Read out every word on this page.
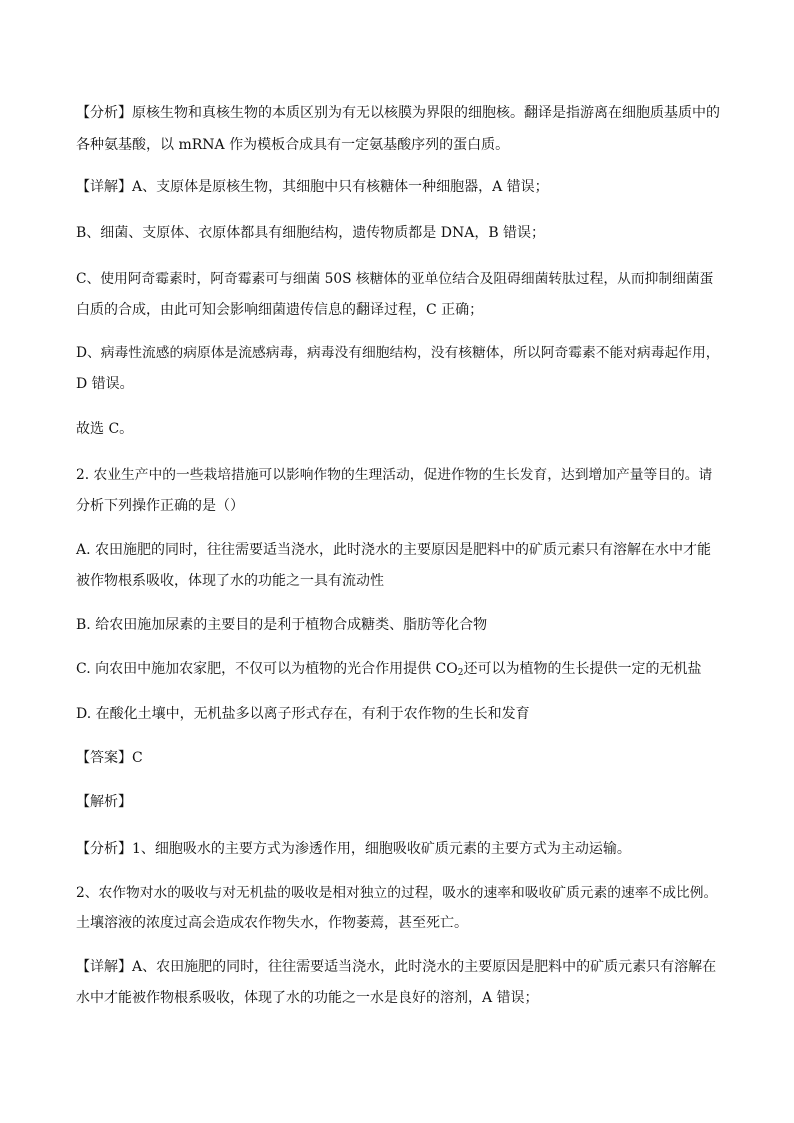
【分析】原核生物和真核生物的本质区别为有无以核膜为界限的细胞核。翻译是指游离在细胞质基质中的
各种氨基酸，以 mRNA 作为模板合成具有一定氨基酸序列的蛋白质。
【详解】A、支原体是原核生物，其细胞中只有核糖体一种细胞器，A 错误；
B、细菌、支原体、衣原体都具有细胞结构，遗传物质都是 DNA，B 错误；
C、使用阿奇霉素时，阿奇霉素可与细菌 50S 核糖体的亚单位结合及阻碍细菌转肽过程，从而抑制细菌蛋
白质的合成，由此可知会影响细菌遗传信息的翻译过程，C 正确；
D、病毒性流感的病原体是流感病毒，病毒没有细胞结构，没有核糖体，所以阿奇霉素不能对病毒起作用，
D 错误。
故选 C。
2. 农业生产中的一些栽培措施可以影响作物的生理活动，促进作物的生长发育，达到增加产量等目的。请
分析下列操作正确的是（）
A. 农田施肥的同时，往往需要适当浇水，此时浇水的主要原因是肥料中的矿质元素只有溶解在水中才能
被作物根系吸收，体现了水的功能之一具有流动性
B. 给农田施加尿素的主要目的是利于植物合成糖类、脂肪等化合物
C. 向农田中施加农家肥，不仅可以为植物的光合作用提供 $CO_2$还可以为植物的生长提供一定的无机盐
D. 在酸化土壤中，无机盐多以离子形式存在，有利于农作物的生长和发育
【答案】C
【解析】
【分析】1、细胞吸水的主要方式为渗透作用，细胞吸收矿质元素的主要方式为主动运输。
2、农作物对水的吸收与对无机盐的吸收是相对独立的过程，吸水的速率和吸收矿质元素的速率不成比例。
土壤溶液的浓度过高会造成农作物失水，作物萎蔫，甚至死亡。
【详解】A、农田施肥的同时，往往需要适当浇水，此时浇水的主要原因是肥料中的矿质元素只有溶解在
水中才能被作物根系吸收，体现了水的功能之一水是良好的溶剂，A 错误；
